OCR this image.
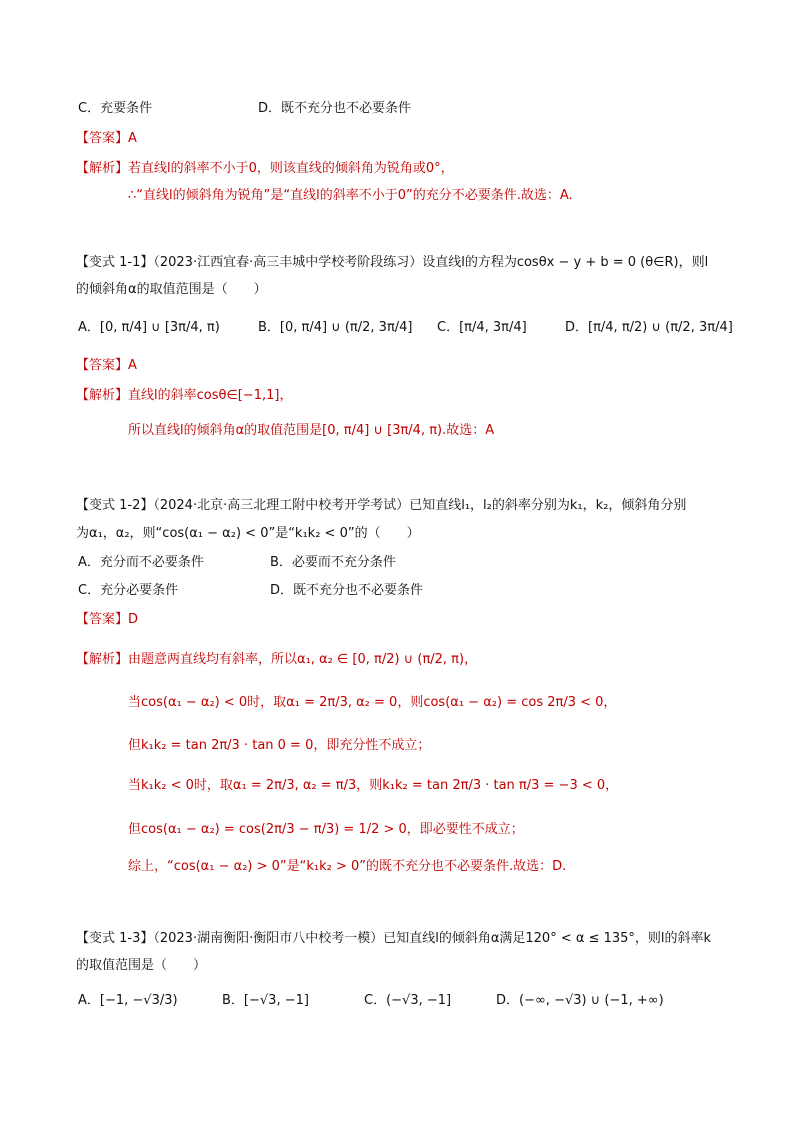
C．充要条件	D．既不充分也不必要条件
【答案】A
【解析】若直线l的斜率不小于0，则该直线的倾斜角为锐角或0°，
∴“直线l的倾斜角为锐角”是“直线l的斜率不小于0”的充分不必要条件.故选：A.
【变式 1-1】（2023·江西宜春·高三丰城中学校考阶段练习）设直线l的方程为cosθx − y + b = 0 (θ∈R)，则l
的倾斜角α的取值范围是（　　）
A．[0, π/4] ∪ [3π/4, π)	B．[0, π/4] ∪ (π/2, 3π/4] C．[π/4, 3π/4]	D．[π/4, π/2) ∪ (π/2, 3π/4]
【答案】A
【解析】直线l的斜率cosθ∈[−1,1]，
所以直线l的倾斜角α的取值范围是[0, π/4] ∪ [3π/4, π).故选：A
【变式 1-2】（2024·北京·高三北理工附中校考开学考试）已知直线l₁，l₂的斜率分别为k₁，k₂，倾斜角分别
为α₁，α₂，则“cos(α₁ − α₂) < 0”是“k₁k₂ < 0”的（　　）
A．充分而不必要条件	B．必要而不充分条件
C．充分必要条件	D．既不充分也不必要条件
【答案】D
【解析】由题意两直线均有斜率，所以α₁, α₂ ∈ [0, π/2) ∪ (π/2, π)，
当cos(α₁ − α₂) < 0时，取α₁ = 2π/3, α₂ = 0，则cos(α₁ − α₂) = cos 2π/3 < 0，
但k₁k₂ = tan 2π/3 · tan 0 = 0，即充分性不成立；
当k₁k₂ < 0时，取α₁ = 2π/3, α₂ = π/3，则k₁k₂ = tan 2π/3 · tan π/3 = −3 < 0，
但cos(α₁ − α₂) = cos(2π/3 − π/3) = 1/2 > 0，即必要性不成立；
综上，“cos(α₁ − α₂) > 0”是“k₁k₂ > 0”的既不充分也不必要条件.故选：D.
【变式 1-3】（2023·湖南衡阳·衡阳市八中校考一模）已知直线l的倾斜角α满足120° < α ≤ 135°，则l的斜率k
的取值范围是（　　）
A．[−1, −√3/3)	B．[−√3, −1]	C．(−√3, −1]	D．(−∞, −√3) ∪ (−1, +∞)
